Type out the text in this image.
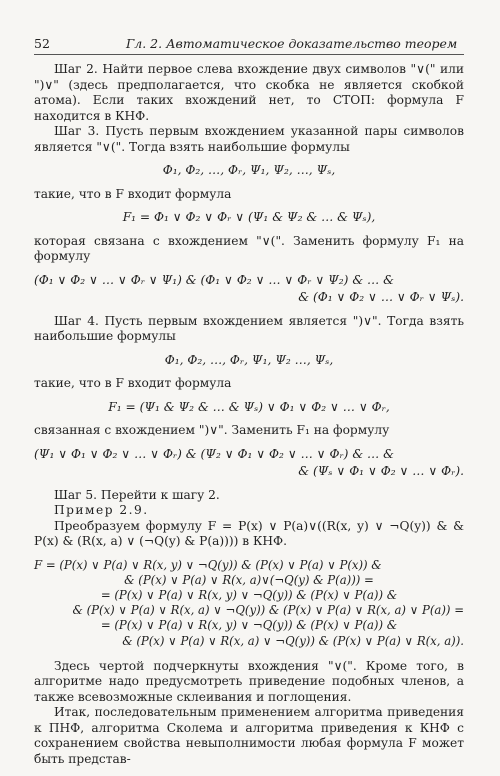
52	Гл. 2. Автоматическое доказательство теорем

Шаг 2. Найти первое слева вхождение двух символов "∨(" или ")∨" (здесь предполагается, что скобка не является скобкой атома). Если таких вхождений нет, то СТОП: формула F находится в КНФ.

Шаг 3. Пусть первым вхождением указанной пары символов является "∨(". Тогда взять наибольшие формулы

Φ₁, Φ₂, …, Φᵣ, Ψ₁, Ψ₂, …, Ψₛ,

такие, что в F входит формула

F₁ = Φ₁ ∨ Φ₂ ∨ Φᵣ ∨ (Ψ₁ & Ψ₂ & … & Ψₛ),

которая связана с вхождением "∨(". Заменить формулу F₁ на формулу

(Φ₁ ∨ Φ₂ ∨ … ∨ Φᵣ ∨ Ψ₁) & (Φ₁ ∨ Φ₂ ∨ … ∨ Φᵣ ∨ Ψ₂) & … &
& (Φ₁ ∨ Φ₂ ∨ … ∨ Φᵣ ∨ Ψₛ).

Шаг 4. Пусть первым вхождением является ")∨". Тогда взять наибольшие формулы

Φ₁, Φ₂, …, Φᵣ, Ψ₁, Ψ₂ …, Ψₛ,

такие, что в F входит формула

F₁ = (Ψ₁ & Ψ₂ & … & Ψₛ) ∨ Φ₁ ∨ Φ₂ ∨ … ∨ Φᵣ,

связанная с вхождением ")∨". Заменить F₁ на формулу

(Ψ₁ ∨ Φ₁ ∨ Φ₂ ∨ … ∨ Φᵣ) & (Ψ₂ ∨ Φ₁ ∨ Φ₂ ∨ … ∨ Φᵣ) & … &
& (Ψₛ ∨ Φ₁ ∨ Φ₂ ∨ … ∨ Φᵣ).

Шаг 5. Перейти к шагу 2.

Пример 2.9.

Преобразуем формулу F = P(x) ∨ P(a)∨((R(x, y) ∨ ¬Q(y)) & & P(x) & (R(x, a) ∨ (¬Q(y) & P(a)))) в КНФ.

F = (P(x) ∨ P(a) ∨ R(x, y) ∨ ¬Q(y)) & (P(x) ∨ P(a) ∨ P(x)) &
& (P(x) ∨ P(a) ∨ R(x, a)∨(¬Q(y) & P(a))) =
= (P(x) ∨ P(a) ∨ R(x, y) ∨ ¬Q(y)) & (P(x) ∨ P(a)) &
& (P(x) ∨ P(a) ∨ R(x, a) ∨ ¬Q(y)) & (P(x) ∨ P(a) ∨ R(x, a) ∨ P(a)) =
= (P(x) ∨ P(a) ∨ R(x, y) ∨ ¬Q(y)) & (P(x) ∨ P(a)) &
& (P(x) ∨ P(a) ∨ R(x, a) ∨ ¬Q(y)) & (P(x) ∨ P(a) ∨ R(x, a)).

Здесь чертой подчеркнуты вхождения "∨(". Кроме того, в алгоритме надо предусмотреть приведение подобных членов, а также всевозможные склеивания и поглощения.

Итак, последовательным применением алгоритма приведения к ПНФ, алгоритма Сколема и алгоритма приведения к КНФ с сохранением свойства невыполнимости любая формула F может быть представ-
